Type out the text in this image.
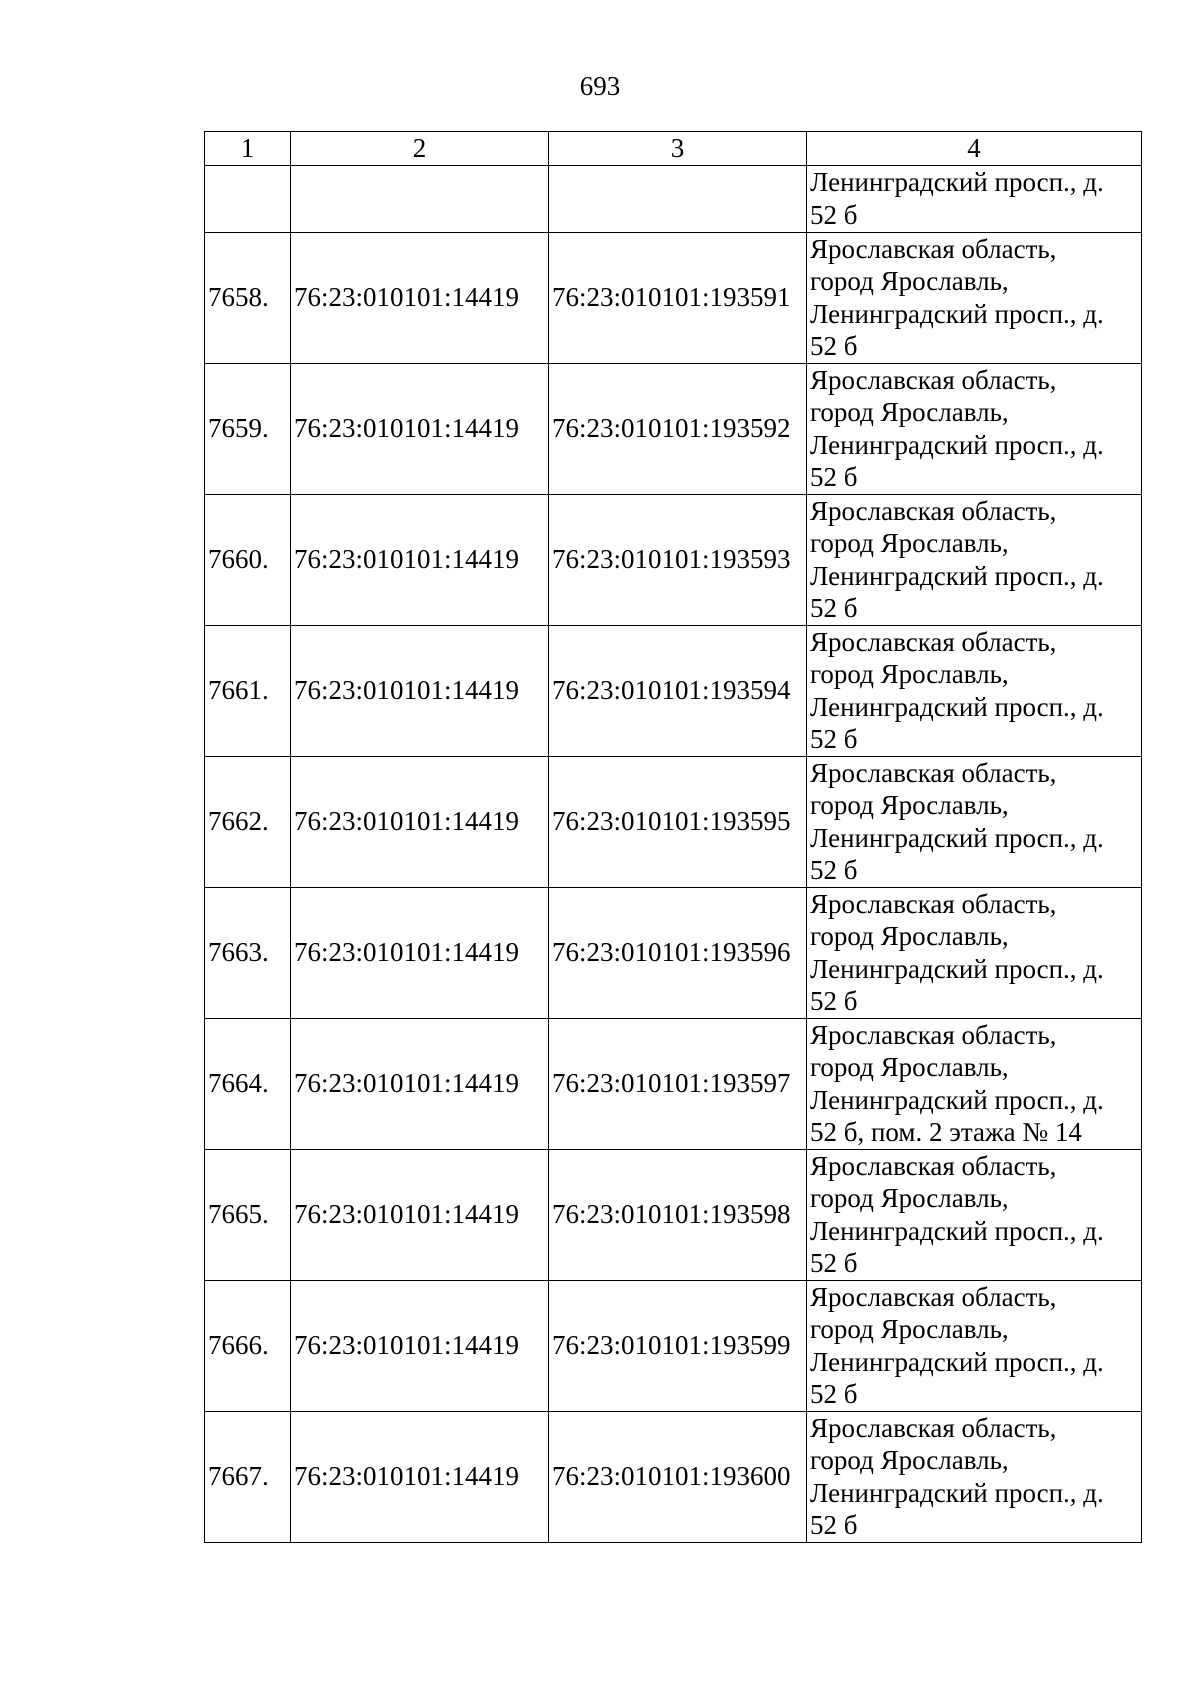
693
1	2	3	4

			Ленинградский просп., д.
52 б

7658.	76:23:010101:14419	76:23:010101:193591	Ярославская область,
город Ярославль,
Ленинградский просп., д.
52 б

7659.	76:23:010101:14419	76:23:010101:193592	Ярославская область,
город Ярославль,
Ленинградский просп., д.
52 б

7660.	76:23:010101:14419	76:23:010101:193593	Ярославская область,
город Ярославль,
Ленинградский просп., д.
52 б

7661.	76:23:010101:14419	76:23:010101:193594	Ярославская область,
город Ярославль,
Ленинградский просп., д.
52 б

7662.	76:23:010101:14419	76:23:010101:193595	Ярославская область,
город Ярославль,
Ленинградский просп., д.
52 б

7663.	76:23:010101:14419	76:23:010101:193596	Ярославская область,
город Ярославль,
Ленинградский просп., д.
52 б

7664.	76:23:010101:14419	76:23:010101:193597	Ярославская область,
город Ярославль,
Ленинградский просп., д.
52 б, пом. 2 этажа № 14

7665.	76:23:010101:14419	76:23:010101:193598	Ярославская область,
город Ярославль,
Ленинградский просп., д.
52 б

7666.	76:23:010101:14419	76:23:010101:193599	Ярославская область,
город Ярославль,
Ленинградский просп., д.
52 б

7667.	76:23:010101:14419	76:23:010101:193600	Ярославская область,
город Ярославль,
Ленинградский просп., д.
52 б
